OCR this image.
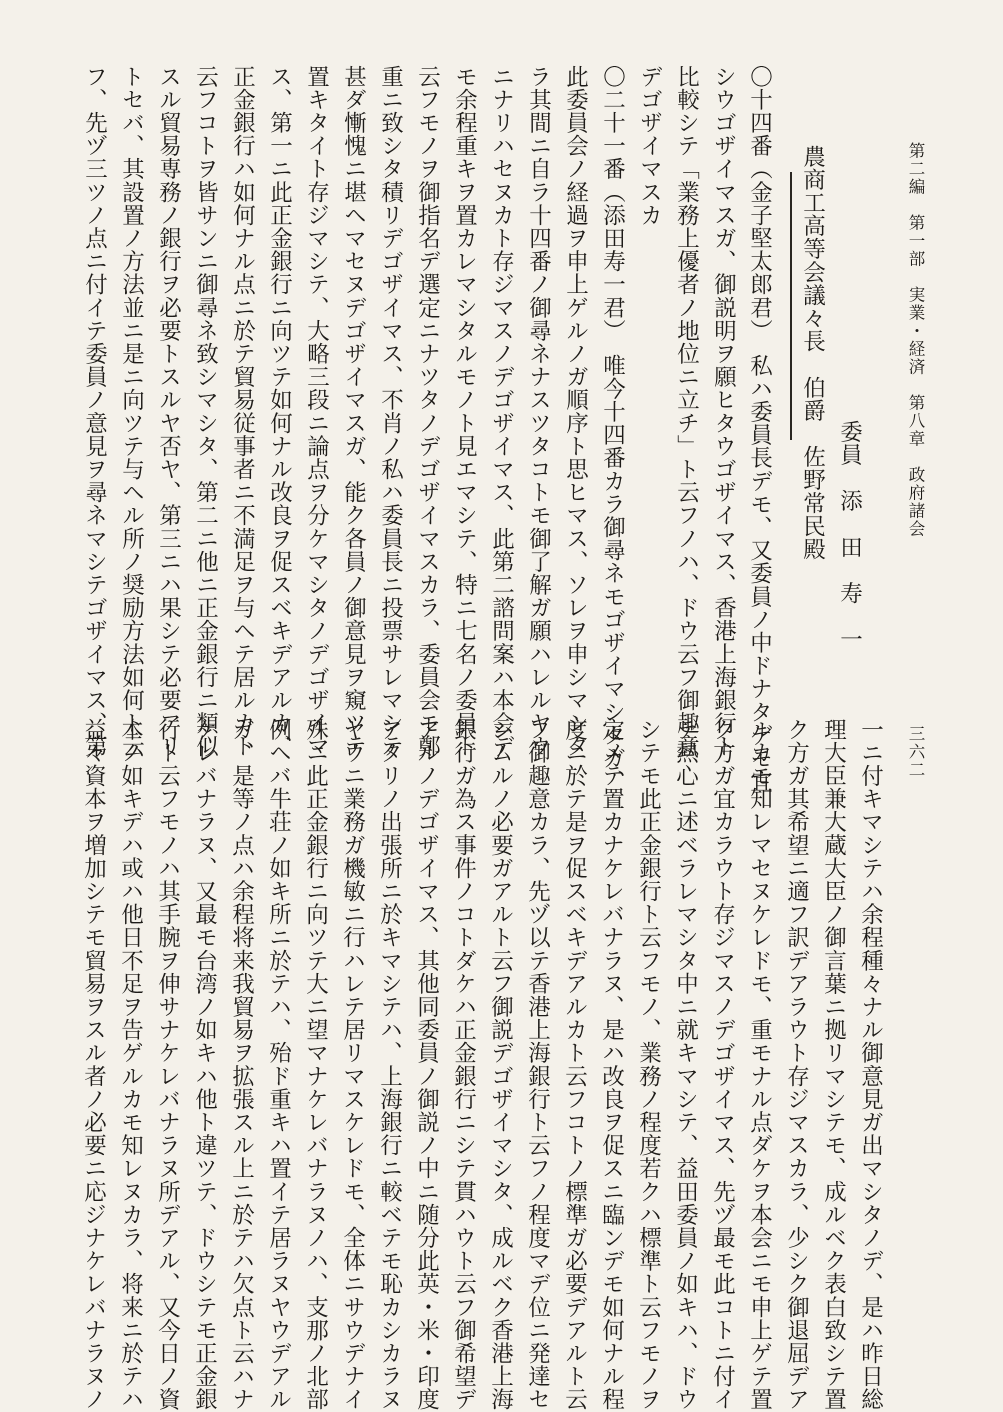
第二編　第一部　実業・経済　第八章　政府諸会
三六二
委員　添　田　寿　一
農商工高等会議々長　伯爵　佐野常民殿
〇十四番（金子堅太郎君）　私ハ委員長デモ、又委員ノ中ドナタデモ宜
シウゴザイマスガ、御説明ヲ願ヒタウゴザイマス、香港上海銀行ト
比較シテ「業務上優者ノ地位ニ立チ」ト云フノハ、ドウ云フ御趣意
デゴザイマスカ
〇二十一番（添田寿一君）　唯今十四番カラ御尋ネモゴザイマシタガ、
此委員会ノ経過ヲ申上ゲルノガ順序ト思ヒマス、ソレヲ申シマシタ
ラ其間ニ自ラ十四番ノ御尋ネナスツタコトモ御了解ガ願ハレルヤウ
ニナリハセヌカト存ジマスノデゴザイマス、此第二諮問案ハ本会デ
モ余程重キヲ置カレマシタルモノト見エマシテ、特ニ七名ノ委員ト
云フモノヲ御指名デ選定ニナツタノデゴザイマスカラ、委員会モ鄭
重ニ致シタ積リデゴザイマス、不肖ノ私ハ委員長ニ投票サレマシテ
甚ダ慚愧ニ堪ヘマセヌデゴザイマスガ、能ク各員ノ御意見ヲ窺ツテ
置キタイト存ジマシテ、大略三段ニ論点ヲ分ケマシタノデゴザイマ
ス、第一ニ此正金銀行ニ向ツテ如何ナル改良ヲ促スベキデアルカ、
正金銀行ハ如何ナル点ニ於テ貿易従事者ニ不満足ヲ与ヘテ居ルカト
云フコトヲ皆サンニ御尋ネ致シマシタ、第二ニ他ニ正金銀行ニ類似
スル貿易専務ノ銀行ヲ必要トスルヤ否ヤ、第三ニハ果シテ必要アリ
トセバ、其設置ノ方法並ニ是ニ向ツテ与ヘル所ノ奨励方法如何ト云
フ、先ヅ三ツノ点ニ付イテ委員ノ意見ヲ尋ネマシテゴザイマス、第
一ニ付キマシテハ余程種々ナル御意見ガ出マシタノデ、是ハ昨日総
理大臣兼大蔵大臣ノ御言葉ニ拠リマシテモ、成ルベク表白致シテ置
ク方ガ其希望ニ適フ訳デアラウト存ジマスカラ、少シク御退屈デア
ルカモ知レマセヌケレドモ、重モナル点ダケヲ本会ニモ申上ゲテ置
ク方ガ宜カラウト存ジマスノデゴザイマス、先ヅ最モ此コトニ付イ
テ熱心ニ述ベラレマシタ中ニ就キマシテ、益田委員ノ如キハ、ドウ
シテモ此正金銀行ト云フモノ、業務ノ程度若クハ標準ト云フモノヲ
定メテ置カナケレバナラヌ、是ハ改良ヲ促スニ臨ンデモ如何ナル程
度ニ於テ是ヲ促スベキデアルカト云フコトノ標準ガ必要デアルト云
フ御趣意カラ、先ヅ以テ香港上海銀行ト云フノ程度マデ位ニ発達セ
シムルノ必要ガアルト云フ御説デゴザイマシタ、成ルベク香港上海
銀行ガ為ス事件ノコトダケハ正金銀行ニシテ貫ハウト云フ御希望デ
アルノデゴザイマス、其他同委員ノ御説ノ中ニ随分此英・米・印度
アタリノ出張所ニ於キマシテハ、上海銀行ニ較ベテモ恥カシカラヌ
ヤウニ業務ガ機敏ニ行ハレテ居リマスケレドモ、全体ニサウデナイ
殊ニ此正金銀行ニ向ツテ大ニ望マナケレバナラヌノハ、支那ノ北部
例ヘバ牛荘ノ如キ所ニ於テハ、殆ド重キハ置イテ居ラヌヤウデアル
ガ、是等ノ点ハ余程将来我貿易ヲ拡張スル上ニ於テハ欠点ト云ハナ
ケレバナラヌ、又最モ台湾ノ如キハ他ト違ツテ、ドウシテモ正金銀
行ト云フモノハ其手腕ヲ伸サナケレバナラヌ所デアル、又今日ノ資
本ノ如キデハ或ハ他日不足ヲ告ゲルカモ知レヌカラ、将来ニ於テハ
益々資本ヲ増加シテモ貿易ヲスル者ノ必要ニ応ジナケレバナラヌノ
